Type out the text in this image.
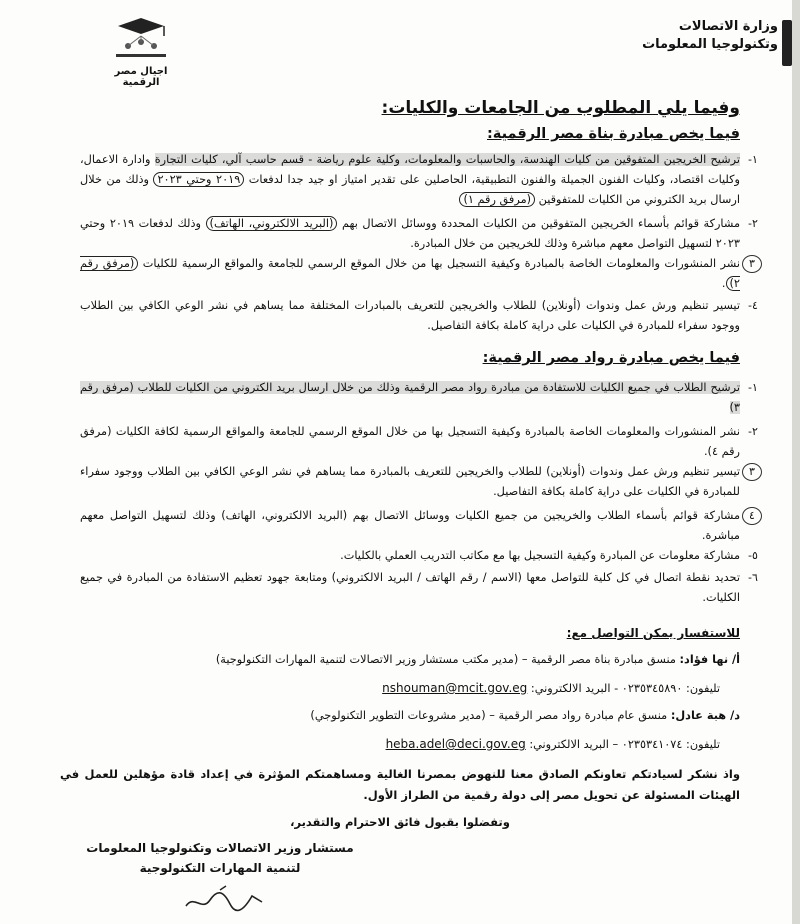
وزارة الاتصالات
وتكنولوجيا المعلومات
اجيال مصر الرقمية
وفيما يلي المطلوب من الجامعات والكليات:
فيما يخص مبادرة بناة مصر الرقمية:
١-
ترشيح الخريجين المتفوقين من كليات الهندسة، والحاسبات والمعلومات، وكلية علوم رياضة - قسم حاسب آلي، كليات التجارة وادارة الاعمال، وكليات اقتصاد، وكليات الفنون الجميلة والفنون التطبيقية، الحاصلين على تقدير امتياز او جيد جدا لدفعات ٢٠١٩ وحتي ٢٠٢٣ وذلك من خلال ارسال بريد الكتروني من الكليات للمتفوقين (مرفق رقم ١)
٢-
مشاركة قوائم بأسماء الخريجين المتفوقين من الكليات المحددة ووسائل الاتصال بهم (البريد الالكتروني، الهاتف) وذلك لدفعات ٢٠١٩ وحتي ٢٠٢٣ لتسهيل التواصل معهم مباشرة وذلك للخريجين من خلال المبادرة.
٣
نشر المنشورات والمعلومات الخاصة بالمبادرة وكيفية التسجيل بها من خلال الموقع الرسمي للجامعة والمواقع الرسمية للكليات (مرفق رقم ٢).
٤-
تيسير تنظيم ورش عمل وندوات (أونلاين) للطلاب والخريجين للتعريف بالمبادرات المختلفة مما يساهم في نشر الوعي الكافي بين الطلاب ووجود سفراء للمبادرة في الكليات على دراية كاملة بكافة التفاصيل.
فيما يخص مبادرة رواد مصر الرقمية:
١-
ترشيح الطلاب في جميع الكليات للاستفادة من مبادرة رواد مصر الرقمية وذلك من خلال ارسال بريد الكتروني من الكليات للطلاب (مرفق رقم ٣)
٢-
نشر المنشورات والمعلومات الخاصة بالمبادرة وكيفية التسجيل بها من خلال الموقع الرسمي للجامعة والمواقع الرسمية لكافة الكليات (مرفق رقم ٤).
٣
تيسير تنظيم ورش عمل وندوات (أونلاين) للطلاب والخريجين للتعريف بالمبادرة مما يساهم في نشر الوعي الكافي بين الطلاب ووجود سفراء للمبادرة في الكليات على دراية كاملة بكافة التفاصيل.
٤
مشاركة قوائم بأسماء الطلاب والخريجين من جميع الكليات ووسائل الاتصال بهم (البريد الالكتروني، الهاتف) وذلك لتسهيل التواصل معهم مباشرة.
٥-
مشاركة معلومات عن المبادرة وكيفية التسجيل بها مع مكاتب التدريب العملي بالكليات.
٦-
تحديد نقطة اتصال في كل كلية للتواصل معها (الاسم / رقم الهاتف / البريد الالكتروني) ومتابعة جهود تعظيم الاستفادة من المبادرة في جميع الكليات.
للاستفسار يمكن التواصل مع:
أ/ نها فؤاد: منسق مبادرة بناة مصر الرقمية – (مدير مكتب مستشار وزير الاتصالات لتنمية المهارات التكنولوجية)
تليفون: ٠٢٣٥٣٤٥٨٩٠ - البريد الالكتروني: nshouman@mcit.gov.eg
د/ هبة عادل: منسق عام مبادرة رواد مصر الرقمية – (مدير مشروعات التطوير التكنولوجي)
تليفون: ٠٢٣٥٣٤١٠٧٤ – البريد الالكتروني: heba.adel@deci.gov.eg
واذ نشكر لسيادتكم تعاونكم الصادق معنا للنهوض بمصرنا الغالية ومساهمتكم المؤثرة في إعداد قادة مؤهلين للعمل في الهيئات المسئولة عن تحويل مصر إلى دولة رقمية من الطراز الأول.
وتفضلوا بقبول فائق الاحترام والتقدير،
مستشار وزير الاتصالات وتكنولوجيا المعلومات
لتنمية المهارات التكنولوجية
